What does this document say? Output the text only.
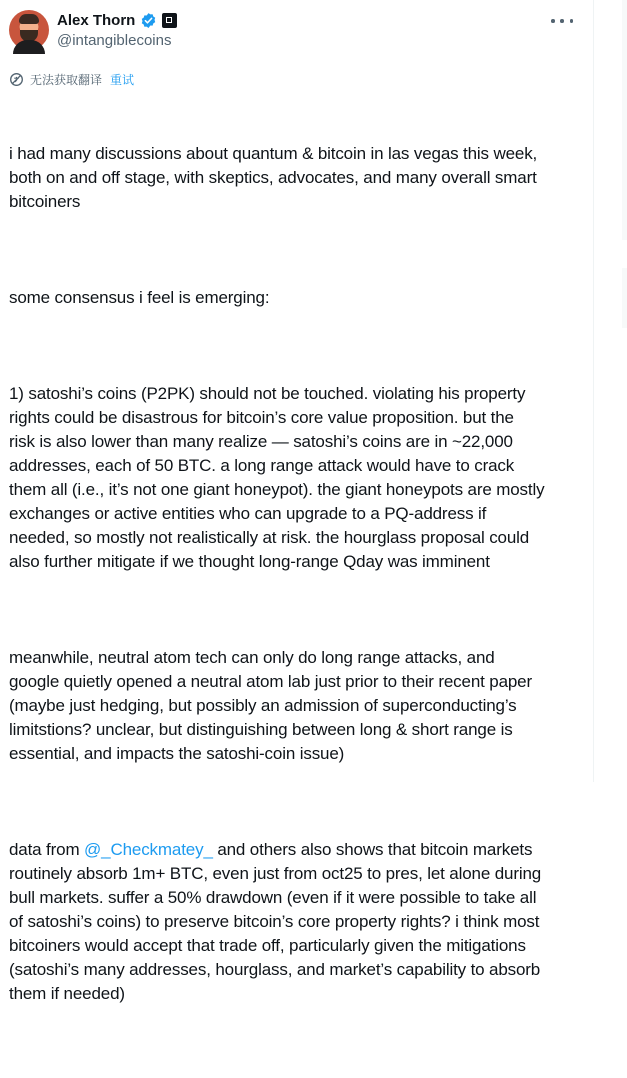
Alex Thorn
@intangiblecoins
无法获取翻译 重试

i had many discussions about quantum & bitcoin in las vegas this week,
both on and off stage, with skeptics, advocates, and many overall smart
bitcoiners

some consensus i feel is emerging:

1) satoshi’s coins (P2PK) should not be touched. violating his property
rights could be disastrous for bitcoin’s core value proposition. but the
risk is also lower than many realize — satoshi’s coins are in ~22,000
addresses, each of 50 BTC. a long range attack would have to crack
them all (i.e., it’s not one giant honeypot). the giant honeypots are mostly
exchanges or active entities who can upgrade to a PQ-address if
needed, so mostly not realistically at risk. the hourglass proposal could
also further mitigate if we thought long-range Qday was imminent

meanwhile, neutral atom tech can only do long range attacks, and
google quietly opened a neutral atom lab just prior to their recent paper
(maybe just hedging, but possibly an admission of superconducting’s
limitstions? unclear, but distinguishing between long & short range is
essential, and impacts the satoshi-coin issue)

data from @_Checkmatey_ and others also shows that bitcoin markets
routinely absorb 1m+ BTC, even just from oct25 to pres, let alone during
bull markets. suffer a 50% drawdown (even if it were possible to take all
of satoshi’s coins) to preserve bitcoin’s core property rights? i think most
bitcoiners would accept that trade off, particularly given the mitigations
(satoshi’s many addresses, hourglass, and market’s capability to absorb
them if needed)
